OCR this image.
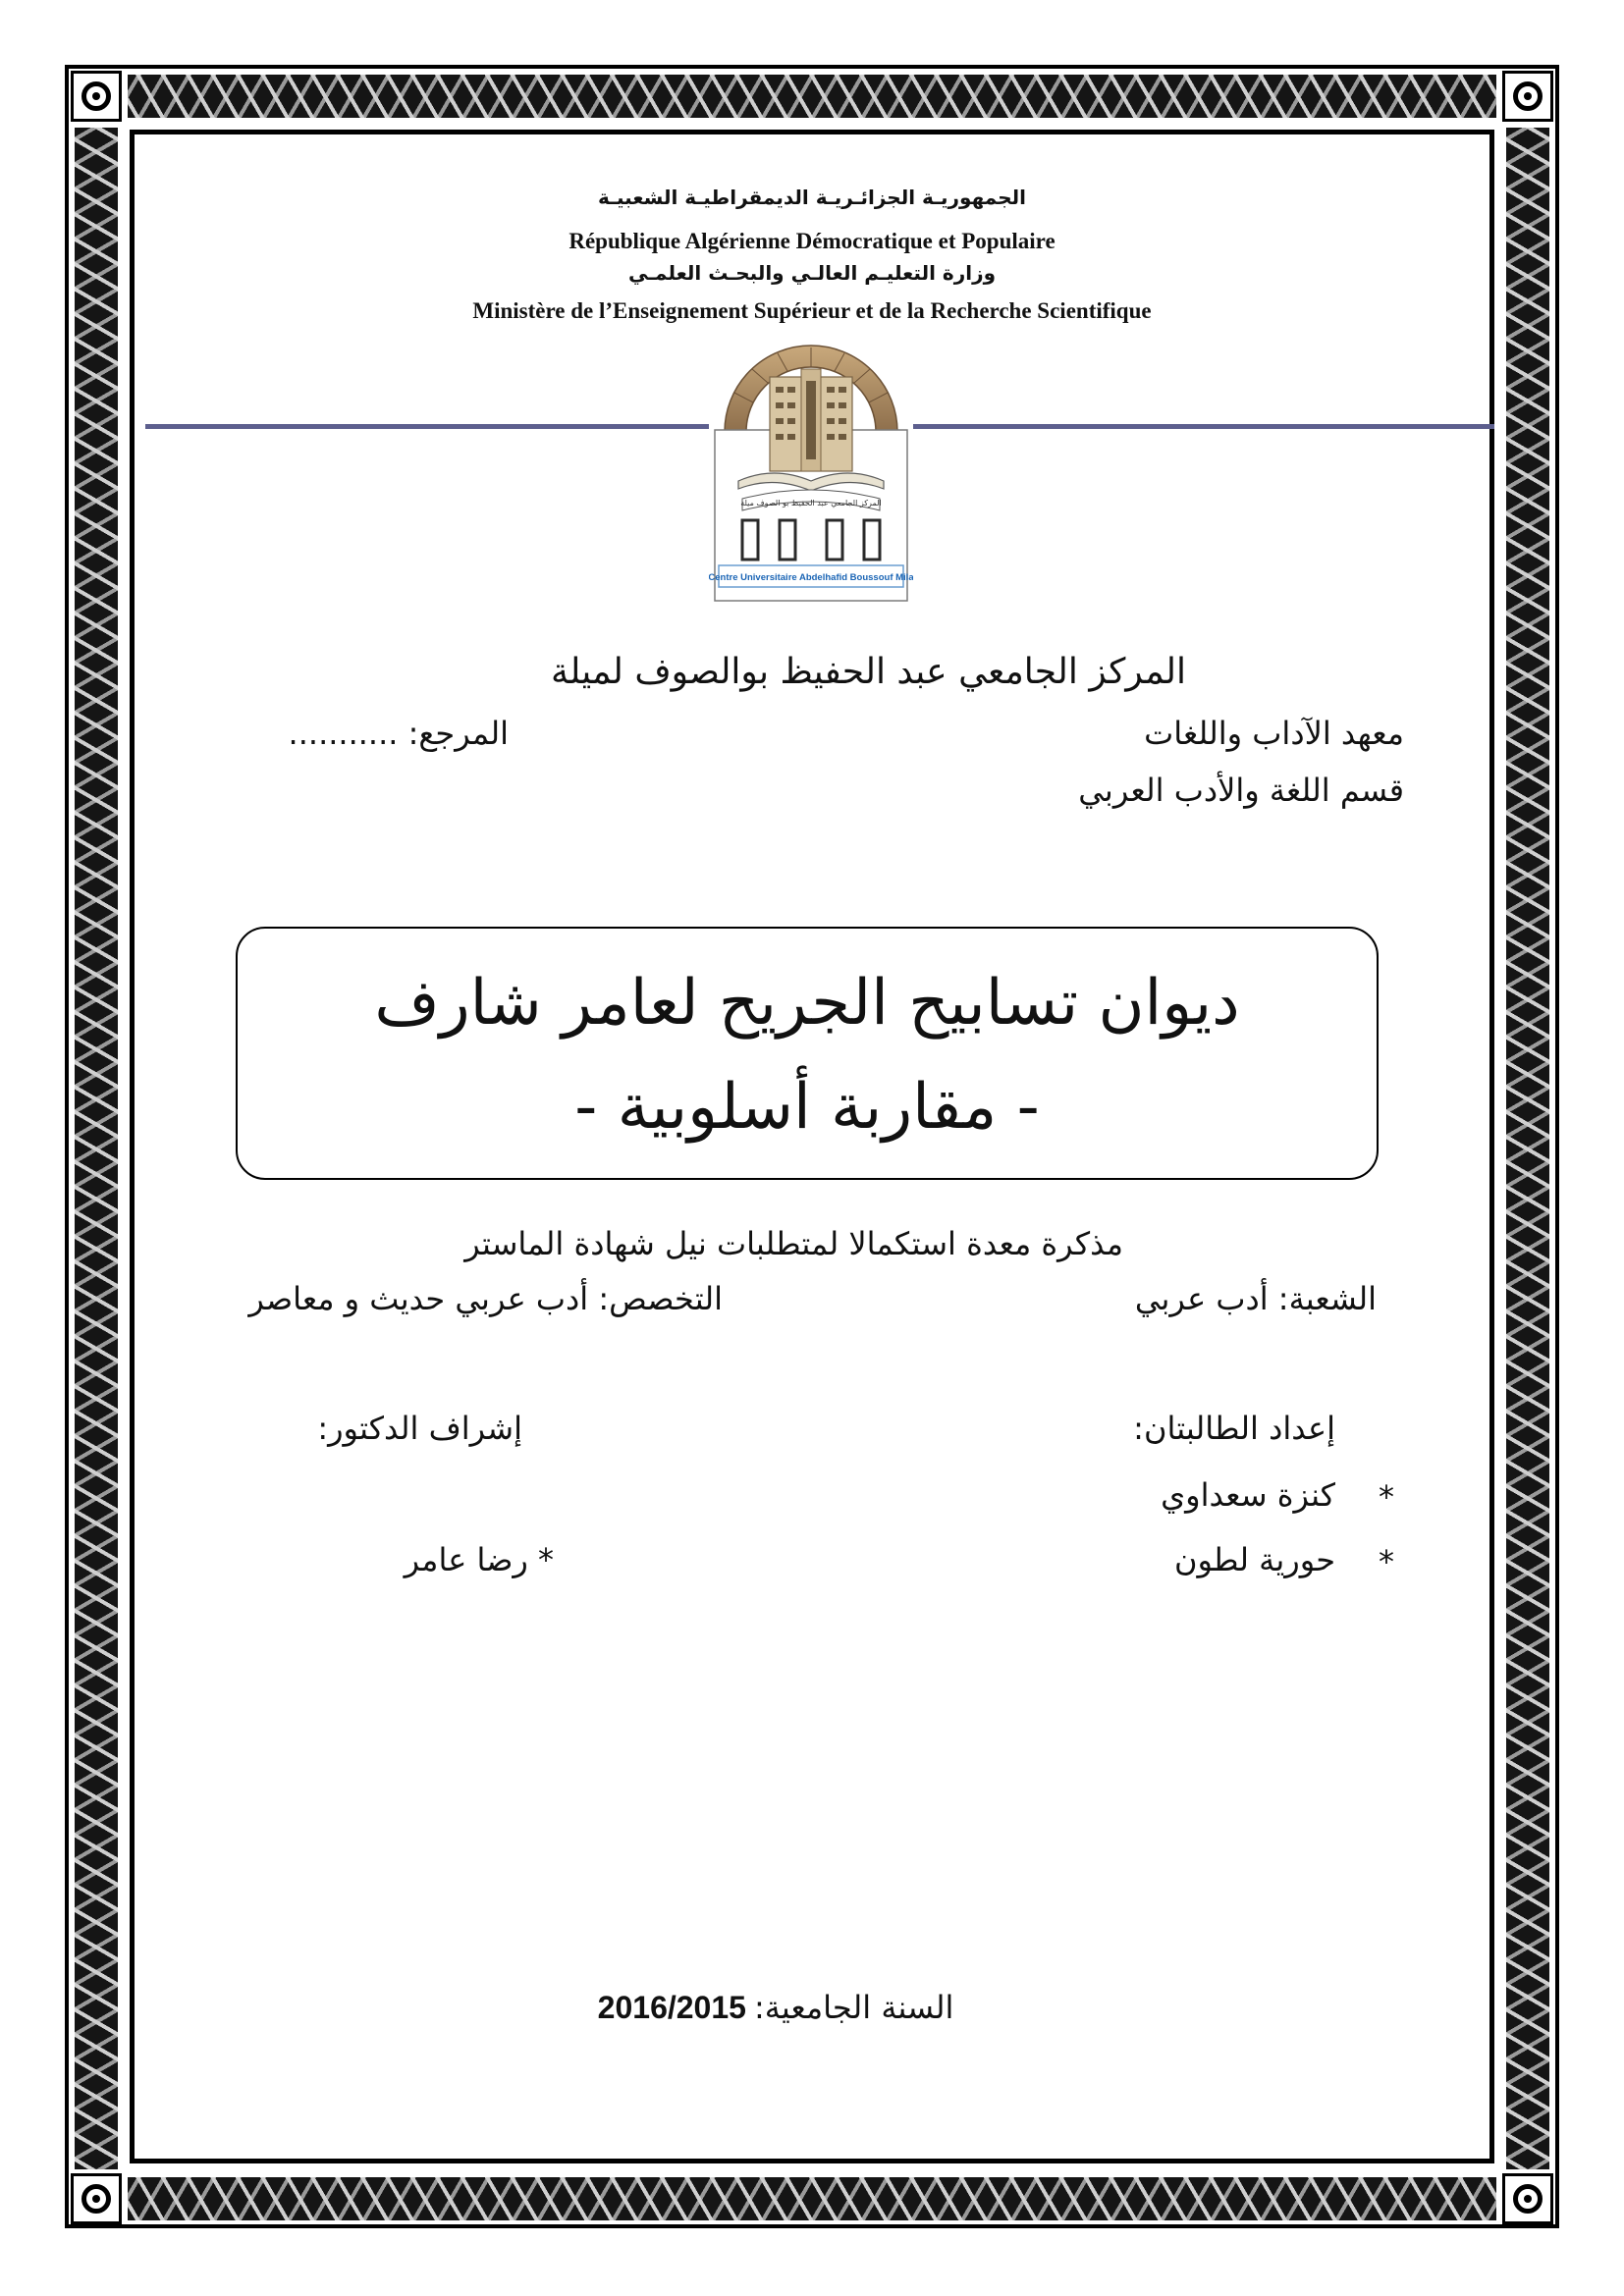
الجمهوريـة الجزائـريـة الديمقراطيـة الشعبيـة
République Algérienne Démocratique et Populaire
وزارة التعليـم العالـي والبحـث العلمـي
Ministère de l’Enseignement Supérieur et de la Recherche Scientifique
المركز الجامعي عبد الحفيظ بو الصوف ميلة
Centre Universitaire Abdelhafid Boussouf Mila
المركز الجامعي عبد الحفيظ بوالصوف لميلة
معهد الآداب واللغات
المرجع: ...........
قسم اللغة والأدب العربي
ديوان تسابيح الجريح لعامر شارف
- مقاربة أسلوبية -
مذكرة معدة استكمالا لمتطلبات نيل شهادة الماستر
الشعبة: أدب عربي
التخصص: أدب عربي حديث و معاصر
إعداد الطالبتان:
إشراف الدكتور:
*
كنزة سعداوي
*
حورية لطون
* رضا عامر
السنة الجامعية:
2016/2015
